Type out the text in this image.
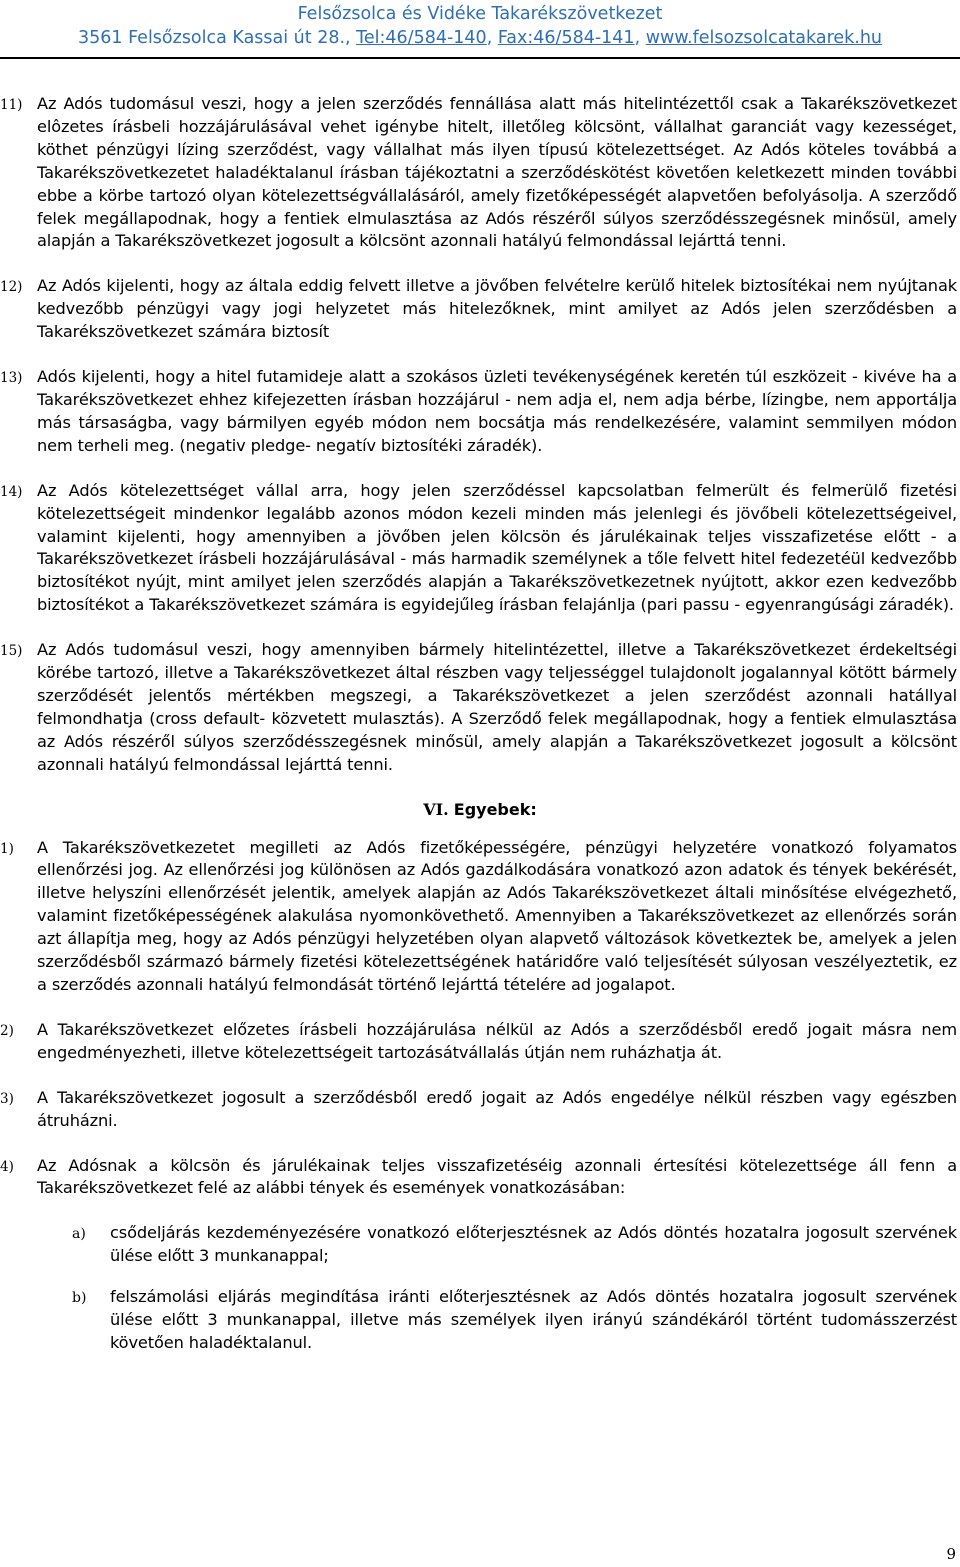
Felsőzsolca és Vidéke Takarékszövetkezet
3561 Felsőzsolca Kassai út 28., Tel:46/584-140, Fax:46/584-141, www.felsozsolcatakarek.hu
11) Az Adós tudomásul veszi, hogy a jelen szerződés fennállása alatt más hitelintézettől csak a Takarékszövetkezet elôzetes írásbeli hozzájárulásával vehet igénybe hitelt, illetőleg kölcsönt, vállalhat garanciát vagy kezességet, köthet pénzügyi lízing szerződést, vagy vállalhat más ilyen típusú kötelezettséget. Az Adós köteles továbbá a Takarékszövetkezetet haladéktalanul írásban tájékoztatni a szerződéskötést követően keletkezett minden további ebbe a körbe tartozó olyan kötelezettségvállalásáról, amely fizetőképességét alapvetően befolyásolja. A szerződő felek megállapodnak, hogy a fentiek elmulasztása az Adós részéről súlyos szerződésszegésnek minősül, amely alapján a Takarékszövetkezet jogosult a kölcsönt azonnali hatályú felmondással lejárttá tenni.
12) Az Adós kijelenti, hogy az általa eddig felvett illetve a jövőben felvételre kerülő hitelek biztosítékai nem nyújtanak kedvezőbb pénzügyi vagy jogi helyzetet más hitelezőknek, mint amilyet az Adós jelen szerződésben a Takarékszövetkezet számára biztosít
13) Adós kijelenti, hogy a hitel futamideje alatt a szokásos üzleti tevékenységének keretén túl eszközeit - kivéve ha a Takarékszövetkezet ehhez kifejezetten írásban hozzájárul - nem adja el, nem adja bérbe, lízingbe, nem apportálja más társaságba, vagy bármilyen egyéb módon nem bocsátja más rendelkezésére, valamint semmilyen módon nem terheli meg. (negativ pledge- negatív biztosítéki záradék).
14) Az Adós kötelezettséget vállal arra, hogy jelen szerződéssel kapcsolatban felmerült és felmerülő fizetési kötelezettségeit mindenkor legalább azonos módon kezeli minden más jelenlegi és jövőbeli kötelezettségeivel, valamint kijelenti, hogy amennyiben a jövőben jelen kölcsön és járulékainak teljes visszafizetése előtt - a Takarékszövetkezet írásbeli hozzájárulásával - más harmadik személynek a tőle felvett hitel fedezetéül kedvezőbb biztosítékot nyújt, mint amilyet jelen szerződés alapján a Takarékszövetkezetnek nyújtott, akkor ezen kedvezőbb biztosítékot a Takarékszövetkezet számára is egyidejűleg írásban felajánlja (pari passu - egyenrangúsági záradék).
15) Az Adós tudomásul veszi, hogy amennyiben bármely hitelintézettel, illetve a Takarékszövetkezet érdekeltségi körébe tartozó, illetve a Takarékszövetkezet által részben vagy teljességgel tulajdonolt jogalannyal kötött bármely szerződését jelentős mértékben megszegi, a Takarékszövetkezet a jelen szerződést azonnali hatállyal felmondhatja (cross default- közvetett mulasztás). A Szerződő felek megállapodnak, hogy a fentiek elmulasztása az Adós részéről súlyos szerződésszegésnek minősül, amely alapján a Takarékszövetkezet jogosult a kölcsönt azonnali hatályú felmondással lejárttá tenni.
VI. Egyebek:
1) A Takarékszövetkezetet megilleti az Adós fizetőképességére, pénzügyi helyzetére vonatkozó folyamatos ellenőrzési jog. Az ellenőrzési jog különösen az Adós gazdálkodására vonatkozó azon adatok és tények bekérését, illetve helyszíni ellenőrzését jelentik, amelyek alapján az Adós Takarékszövetkezet általi minősítése elvégezhető, valamint fizetőképességének alakulása nyomonkövethető. Amennyiben a Takarékszövetkezet az ellenőrzés során azt állapítja meg, hogy az Adós pénzügyi helyzetében olyan alapvető változások következtek be, amelyek a jelen szerződésből származó bármely fizetési kötelezettségének határidőre való teljesítését súlyosan veszélyeztetik, ez a szerződés azonnali hatályú felmondását történő lejárttá tételére ad jogalapot.
2) A Takarékszövetkezet előzetes írásbeli hozzájárulása nélkül az Adós a szerződésből eredő jogait másra nem engedményezheti, illetve kötelezettségeit tartozásátvállalás útján nem ruházhatja át.
3) A Takarékszövetkezet jogosult a szerződésből eredő jogait az Adós engedélye nélkül részben vagy egészben átruházni.
4) Az Adósnak a kölcsön és járulékainak teljes visszafizetéséig azonnali értesítési kötelezettsége áll fenn a Takarékszövetkezet felé az alábbi tények és események vonatkozásában:
a) csődeljárás kezdeményezésére vonatkozó előterjesztésnek az Adós döntés hozatalra jogosult szervének ülése előtt 3 munkanappal;
b) felszámolási eljárás megindítása iránti előterjesztésnek az Adós döntés hozatalra jogosult szervének ülése előtt 3 munkanappal, illetve más személyek ilyen irányú szándékáról történt tudomásszerzést követően haladéktalanul.
9
